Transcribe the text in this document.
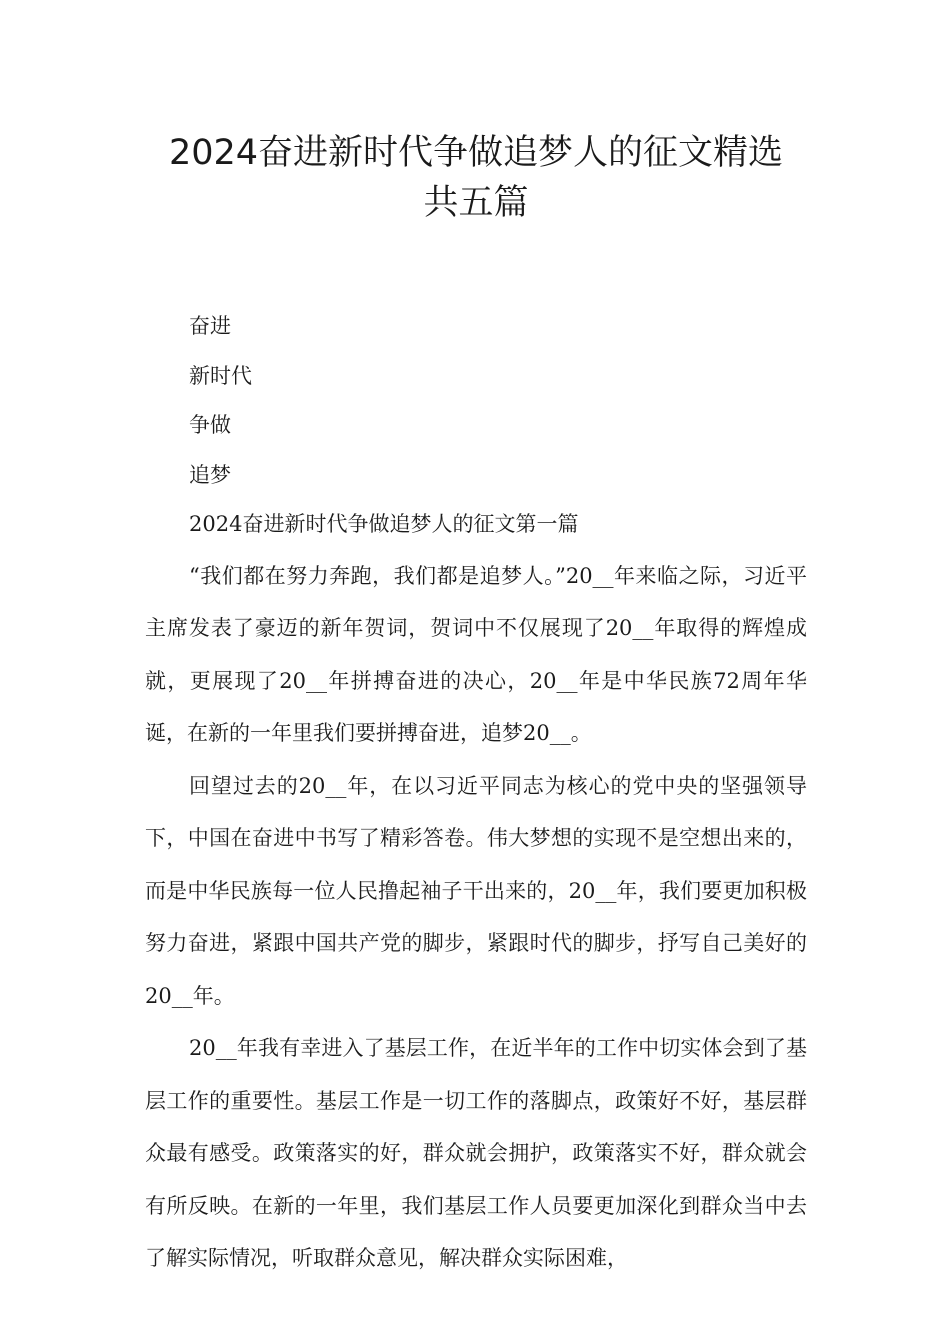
2024奋进新时代争做追梦人的征文精选
共五篇
奋进
新时代
争做
追梦
2024奋进新时代争做追梦人的征文第一篇

“我们都在努力奔跑，我们都是追梦人。”20__年来临之际，习近平主席发表了豪迈的新年贺词，贺词中不仅展现了20__年取得的辉煌成就，更展现了20__年拼搏奋进的决心，20__年是中华民族72周年华诞，在新的一年里我们要拼搏奋进，追梦20__。

回望过去的20__年，在以习近平同志为核心的党中央的坚强领导下，中国在奋进中书写了精彩答卷。伟大梦想的实现不是空想出来的，而是中华民族每一位人民撸起袖子干出来的，20__年，我们要更加积极努力奋进，紧跟中国共产党的脚步，紧跟时代的脚步，抒写自己美好的20__年。

20__年我有幸进入了基层工作，在近半年的工作中切实体会到了基层工作的重要性。基层工作是一切工作的落脚点，政策好不好，基层群众最有感受。政策落实的好，群众就会拥护，政策落实不好，群众就会有所反映。在新的一年里，我们基层工作人员要更加深化到群众当中去了解实际情况，听取群众意见，解决群众实际困难，
